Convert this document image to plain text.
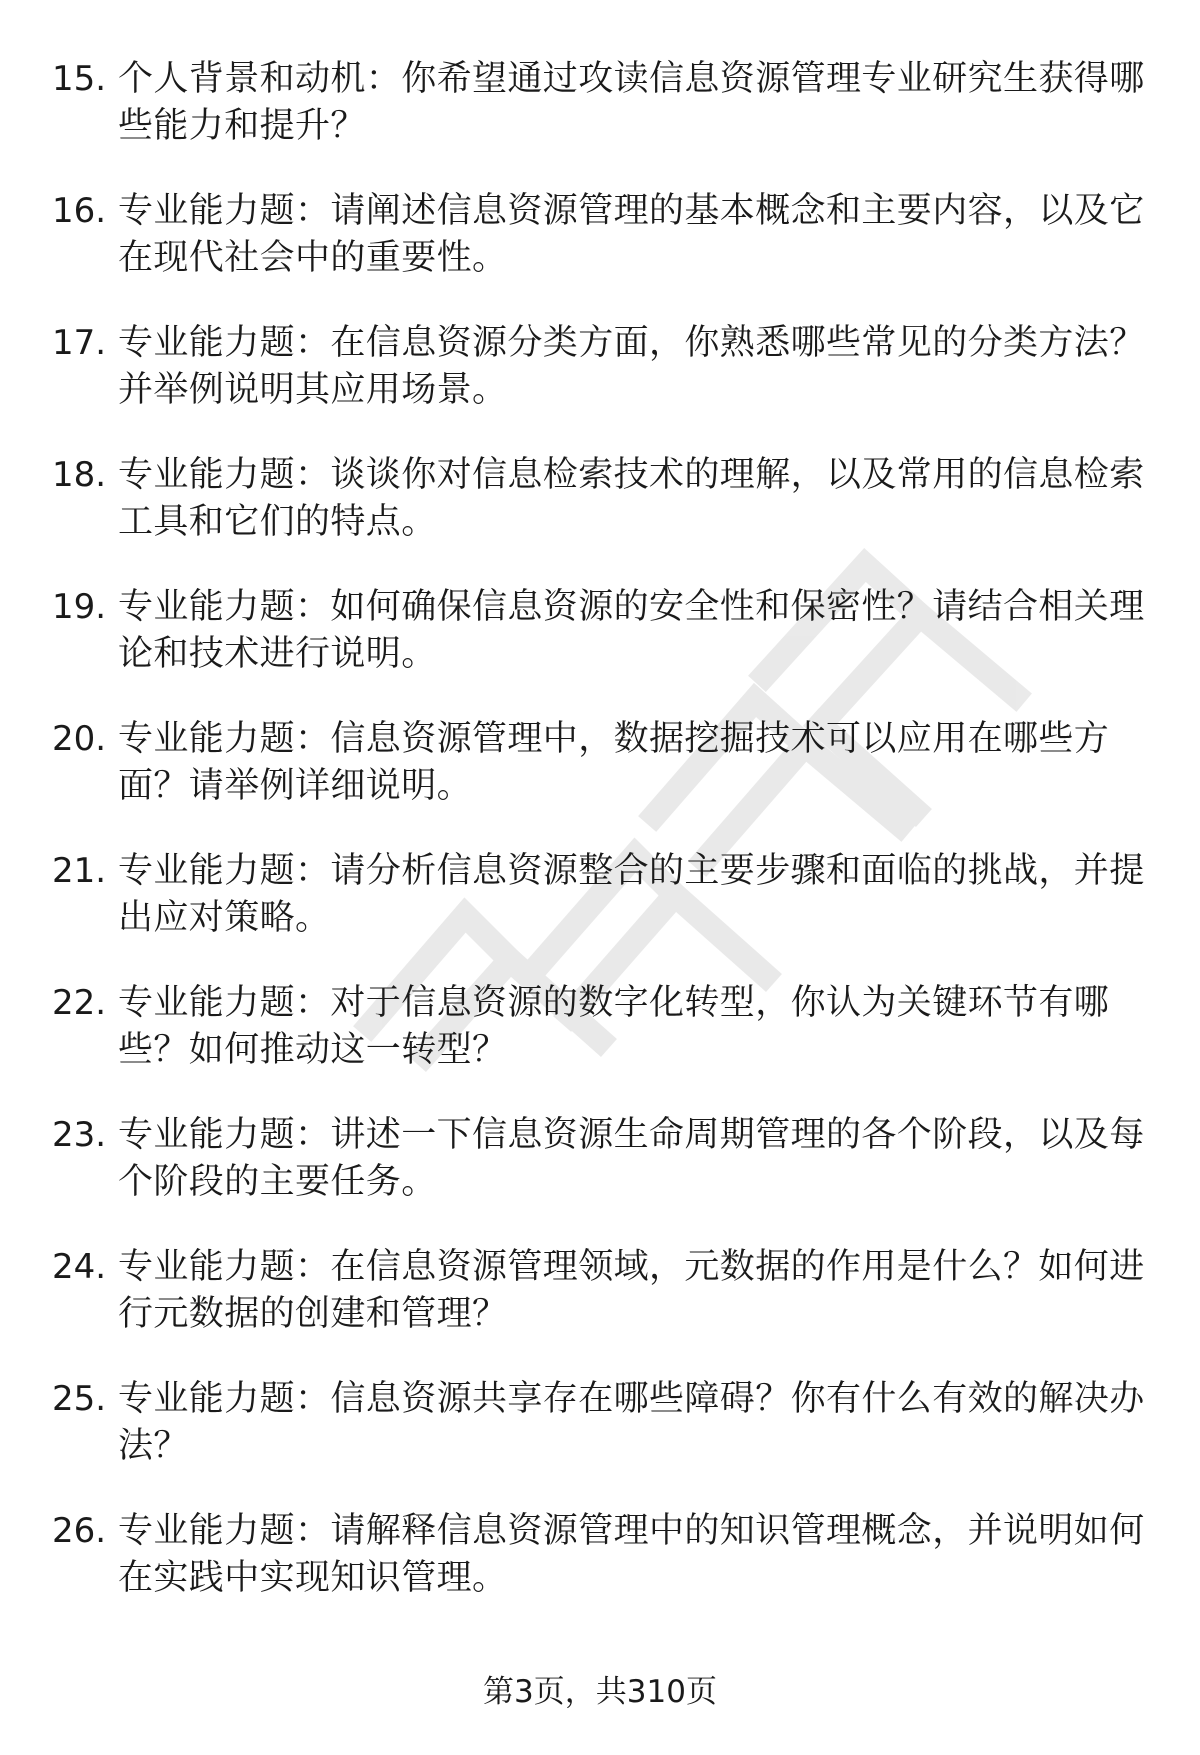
15. 个人背景和动机：你希望通过攻读信息资源管理专业研究生获得哪些能力和提升？
16. 专业能力题：请阐述信息资源管理的基本概念和主要内容，以及它在现代社会中的重要性。
17. 专业能力题：在信息资源分类方面，你熟悉哪些常见的分类方法？并举例说明其应用场景。
18. 专业能力题：谈谈你对信息检索技术的理解，以及常用的信息检索工具和它们的特点。
19. 专业能力题：如何确保信息资源的安全性和保密性？请结合相关理论和技术进行说明。
20. 专业能力题：信息资源管理中，数据挖掘技术可以应用在哪些方面？请举例详细说明。
21. 专业能力题：请分析信息资源整合的主要步骤和面临的挑战，并提出应对策略。
22. 专业能力题：对于信息资源的数字化转型，你认为关键环节有哪些？如何推动这一转型？
23. 专业能力题：讲述一下信息资源生命周期管理的各个阶段，以及每个阶段的主要任务。
24. 专业能力题：在信息资源管理领域，元数据的作用是什么？如何进行元数据的创建和管理？
25. 专业能力题：信息资源共享存在哪些障碍？你有什么有效的解决办法？
26. 专业能力题：请解释信息资源管理中的知识管理概念，并说明如何在实践中实现知识管理。
第3页，共310页
